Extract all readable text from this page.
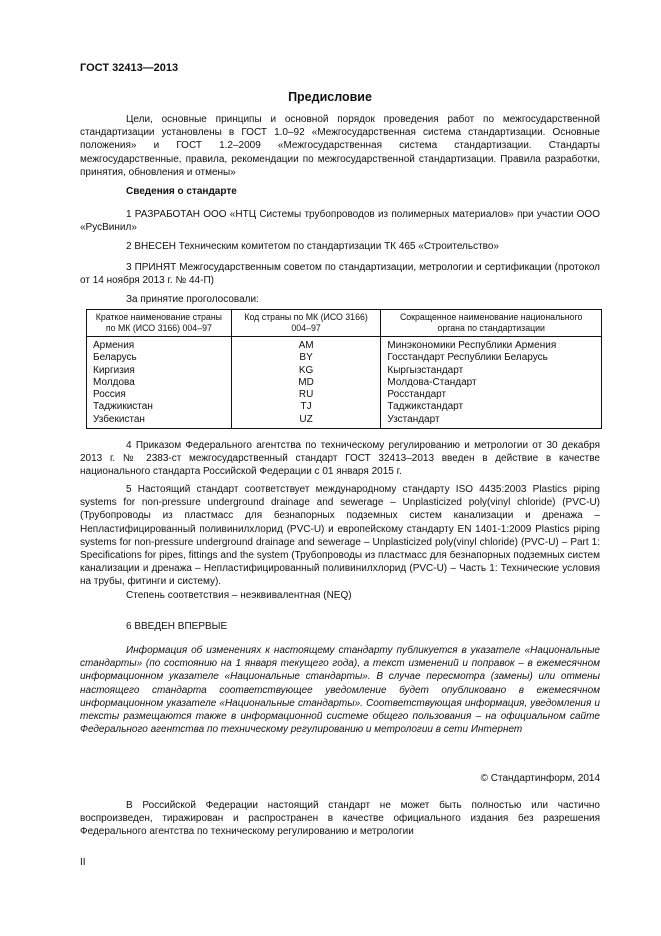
ГОСТ 32413—2013
Предисловие

Цели, основные принципы и основной порядок проведения работ по межгосударственной стандартизации установлены в ГОСТ 1.0–92 «Межгосударственная система стандартизации. Основные положения» и ГОСТ 1.2–2009 «Межгосударственная система стандартизации. Стандарты межгосударственные, правила, рекомендации по межгосударственной стандартизации. Правила разработки, принятия, обновления и отмены»

Сведения о стандарте

1 РАЗРАБОТАН ООО «НТЦ Системы трубопроводов из полимерных материалов» при участии ООО «РусВинил»

2 ВНЕСЕН Техническим комитетом по стандартизации ТК 465 «Строительство»

3 ПРИНЯТ Межгосударственным советом по стандартизации, метрологии и сертификации (протокол от 14 ноября 2013 г. № 44-П)

За принятие проголосовали:

Краткое наименование страны по МК (ИСО 3166) 004–97	Код страны по МК (ИСО 3166) 004–97	Сокращенное наименование национального органа по стандартизации
Армения	AM	Минэкономики Республики Армения
Беларусь	BY	Госстандарт Республики Беларусь
Киргизия	KG	Кыргызстандарт
Молдова	MD	Молдова-Стандарт
Россия	RU	Росстандарт
Таджикистан	TJ	Таджикстандарт
Узбекистан	UZ	Узстандарт

4 Приказом Федерального агентства по техническому регулированию и метрологии от 30 декабря 2013 г. № 2383-ст межгосударственный стандарт ГОСТ 32413–2013 введен в действие в качестве национального стандарта Российской Федерации с 01 января 2015 г.

5 Настоящий стандарт соответствует международному стандарту ISO 4435:2003 Plastics piping systems for non-pressure underground drainage and sewerage – Unplasticized poly(vinyl chloride) (PVC-U) (Трубопроводы из пластмасс для безнапорных подземных систем канализации и дренажа – Непластифицированный поливинилхлорид (PVC-U) и европейскому стандарту EN 1401-1:2009 Plastics piping systems for non-pressure underground drainage and sewerage – Unplasticized poly(vinyl chloride) (PVC-U) – Part 1: Specifications for pipes, fittings and the system (Трубопроводы из пластмасс для безнапорных подземных систем канализации и дренажа – Непластифицированный поливинилхлорид (PVC-U) – Часть 1: Технические условия на трубы, фитинги и систему).

Степень соответствия – неэквивалентная (NEQ)

6 ВВЕДЕН ВПЕРВЫЕ

Информация об изменениях к настоящему стандарту публикуется в указателе «Национальные стандарты» (по состоянию на 1 января текущего года), а текст изменений и поправок – в ежемесячном информационном указателе «Национальные стандарты». В случае пересмотра (замены) или отмены настоящего стандарта соответствующее уведомление будет опубликовано в ежемесячном информационном указателе «Национальные стандарты». Соответствующая информация, уведомления и тексты размещаются также в информационной системе общего пользования – на официальном сайте Федерального агентства по техническому регулированию и метрологии в сети Интернет

© Стандартинформ, 2014

В Российской Федерации настоящий стандарт не может быть полностью или частично воспроизведен, тиражирован и распространен в качестве официального издания без разрешения Федерального агентства по техническому регулированию и метрологии

II
